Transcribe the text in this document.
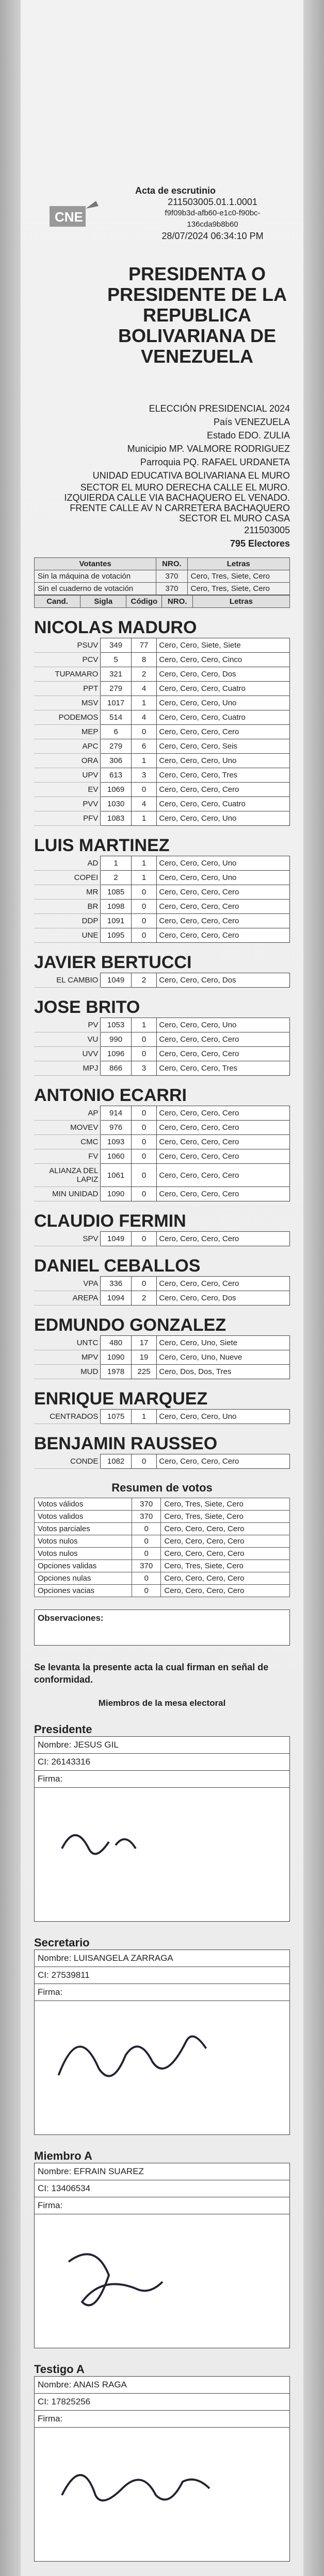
CNE
Acta de escrutinio
211503005.01.1.0001
f9f09b3d-afb60-e1c0-f90bc-
136cda9b8b60
28/07/2024 06:34:10 PM
PRESIDENTA O PRESIDENTE DE LA REPUBLICA BOLIVARIANA DE VENEZUELA
ELECCIÓN PRESIDENCIAL 2024
País VENEZUELA
Estado EDO. ZULIA
Municipio MP. VALMORE RODRIGUEZ
Parroquia PQ. RAFAEL URDANETA
UNIDAD EDUCATIVA BOLIVARIANA EL MURO
SECTOR EL MURO DERECHA CALLE EL MURO. IZQUIERDA CALLE VIA BACHAQUERO EL VENADO. FRENTE CALLE AV N CARRETERA BACHAQUERO SECTOR EL MURO CASA
211503005
795 Electores
Votantes	NRO.	Letras
Sin la máquina de votación	370	Cero, Tres, Siete, Cero
Sin el cuaderno de votación	370	Cero, Tres, Siete, Cero
Cand.	Sigla	Código	NRO.	Letras
NICOLAS MADURO
PSUV	349	77	Cero, Cero, Siete, Siete
PCV	5	8	Cero, Cero, Cero, Cinco
TUPAMARO	321	2	Cero, Cero, Cero, Dos
PPT	279	4	Cero, Cero, Cero, Cuatro
MSV	1017	1	Cero, Cero, Cero, Uno
PODEMOS	514	4	Cero, Cero, Cero, Cuatro
MEP	6	0	Cero, Cero, Cero, Cero
APC	279	6	Cero, Cero, Cero, Seis
ORA	306	1	Cero, Cero, Cero, Uno
UPV	613	3	Cero, Cero, Cero, Tres
EV	1069	0	Cero, Cero, Cero, Cero
PVV	1030	4	Cero, Cero, Cero, Cuatro
PFV	1083	1	Cero, Cero, Cero, Uno
LUIS MARTINEZ
AD	1	1	Cero, Cero, Cero, Uno
COPEI	2	1	Cero, Cero, Cero, Uno
MR	1085	0	Cero, Cero, Cero, Cero
BR	1098	0	Cero, Cero, Cero, Cero
DDP	1091	0	Cero, Cero, Cero, Cero
UNE	1095	0	Cero, Cero, Cero, Cero
JAVIER BERTUCCI
EL CAMBIO	1049	2	Cero, Cero, Cero, Dos
JOSE BRITO
PV	1053	1	Cero, Cero, Cero, Uno
VU	990	0	Cero, Cero, Cero, Cero
UVV	1096	0	Cero, Cero, Cero, Cero
MPJ	866	3	Cero, Cero, Cero, Tres
ANTONIO ECARRI
AP	914	0	Cero, Cero, Cero, Cero
MOVEV	976	0	Cero, Cero, Cero, Cero
CMC	1093	0	Cero, Cero, Cero, Cero
FV	1060	0	Cero, Cero, Cero, Cero
ALIANZA DEL LAPIZ	1061	0	Cero, Cero, Cero, Cero
MIN UNIDAD	1090	0	Cero, Cero, Cero, Cero
CLAUDIO FERMIN
SPV	1049	0	Cero, Cero, Cero, Cero
DANIEL CEBALLOS
VPA	336	0	Cero, Cero, Cero, Cero
AREPA	1094	2	Cero, Cero, Cero, Dos
EDMUNDO GONZALEZ
UNTC	480	17	Cero, Cero, Uno, Siete
MPV	1090	19	Cero, Cero, Uno, Nueve
MUD	1978	225	Cero, Dos, Dos, Tres
ENRIQUE MARQUEZ
CENTRADOS	1075	1	Cero, Cero, Cero, Uno
BENJAMIN RAUSSEO
CONDE	1082	0	Cero, Cero, Cero, Cero
Resumen de votos
Votos válidos	370	Cero, Tres, Siete, Cero
Votos validos	370	Cero, Tres, Siete, Cero
Votos parciales	0	Cero, Cero, Cero, Cero
Votos nulos	0	Cero, Cero, Cero, Cero
Votos nulos	0	Cero, Cero, Cero, Cero
Opciones validas	370	Cero, Tres, Siete, Cero
Opciones nulas	0	Cero, Cero, Cero, Cero
Opciones vacias	0	Cero, Cero, Cero, Cero
Observaciones:
Se levanta la presente acta la cual firman en señal de conformidad.
Miembros de la mesa electoral
Presidente
Nombre: JESUS GIL
CI: 26143316
Firma:
Secretario
Nombre: LUISANGELA ZARRAGA
CI: 27539811
Firma:
Miembro A
Nombre: EFRAIN SUAREZ
CI: 13406534
Firma:
Testigo A
Nombre: ANAIS RAGA
CI: 17825256
Firma:
